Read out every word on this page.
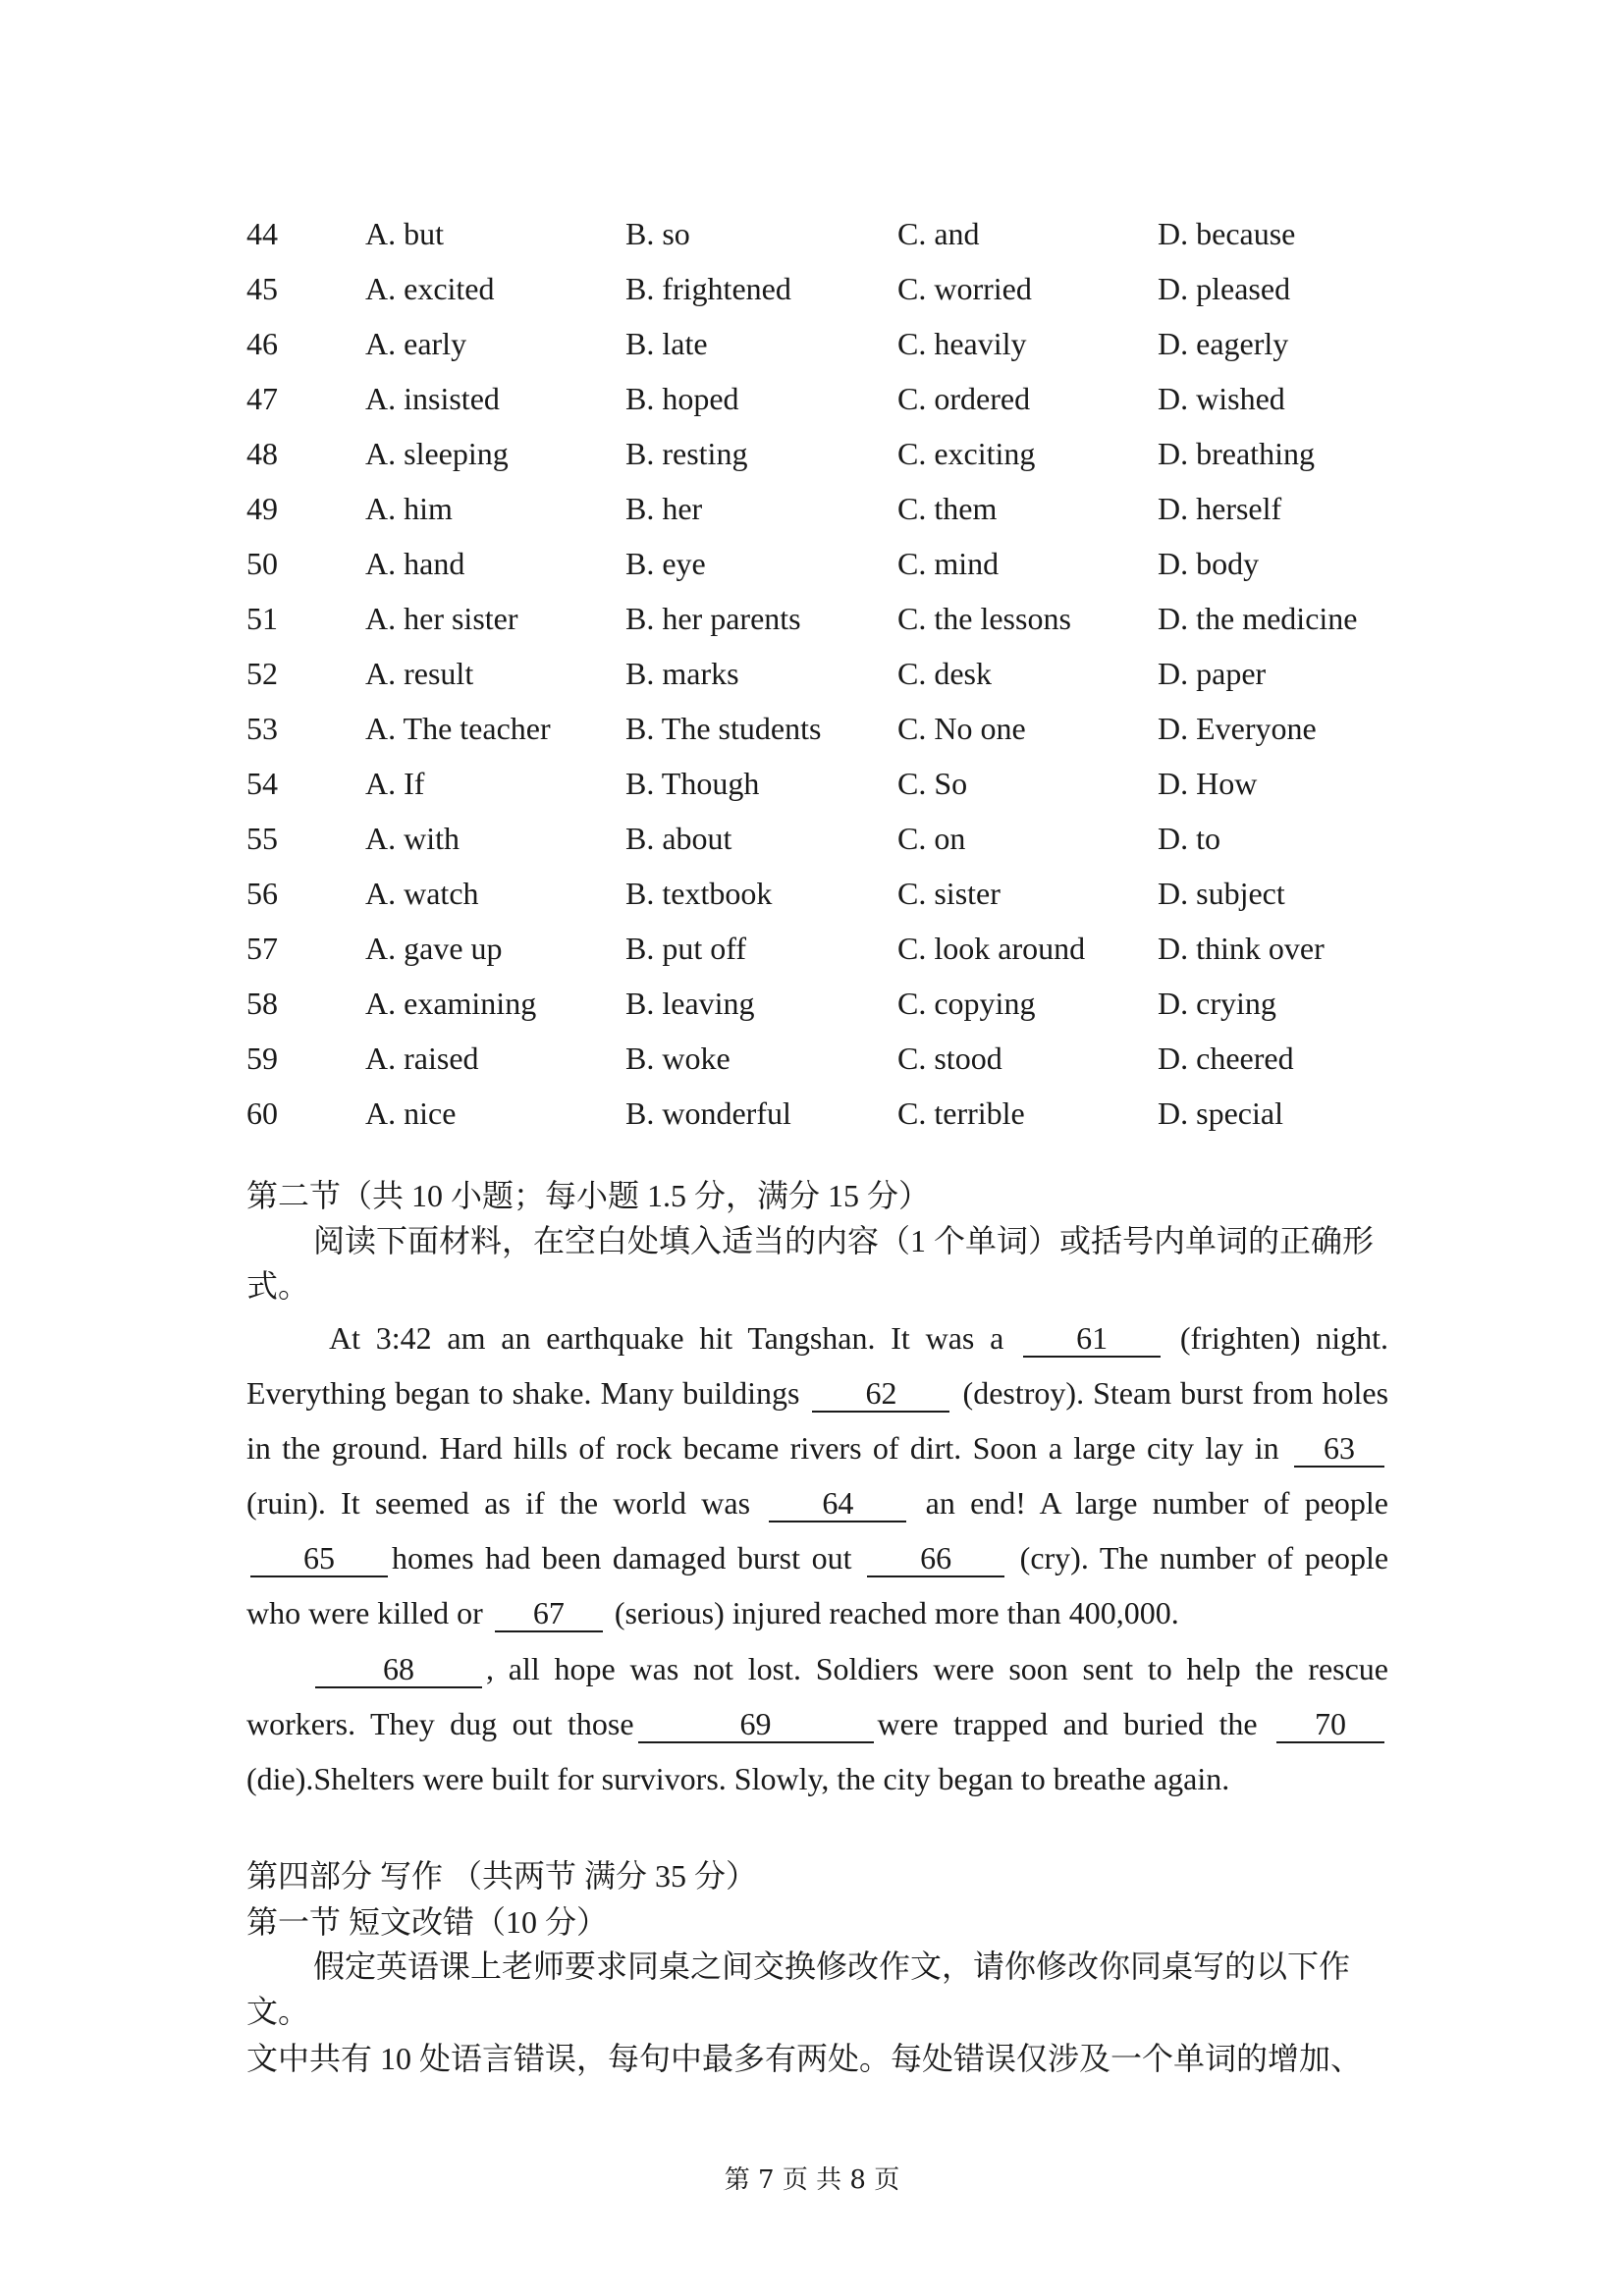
44	A. but	B. so	C. and	D. because
45	A. excited	B. frightened	C. worried	D. pleased
46	A. early	B. late	C. heavily	D. eagerly
47	A. insisted	B. hoped	C. ordered	D. wished
48	A. sleeping	B. resting	C. exciting	D. breathing
49	A. him	B. her	C. them	D. herself
50	A. hand	B. eye	C. mind	D. body
51	A. her sister	B. her parents	C. the lessons	D. the medicine
52	A. result	B. marks	C. desk	D. paper
53	A. The teacher B. The students C. No one	D. Everyone
54	A. If	B. Though	C. So	D. How
55	A. with	B. about	C. on	D. to
56	A. watch	B. textbook	C. sister	D. subject
57	A. gave up	B. put off	C. look around D. think over
58	A. examining	B. leaving	C. copying	D. crying
59	A. raised	B. woke	C. stood	D. cheered
60	A. nice	B. wonderful	C. terrible	D. special
第二节（共 10 小题；每小题 1.5 分，满分 15 分）
阅读下面材料，在空白处填入适当的内容（1 个单词）或括号内单词的正确形式。
At 3:42 am an earthquake hit Tangshan. It was a 61 (frighten) night. Everything began to shake. Many buildings 62 (destroy). Steam burst from holes in the ground. Hard hills of rock became rivers of dirt. Soon a large city lay in 63(ruin). It seemed as if the world was 64 an end! A large number of people65 homes had been damaged burst out 66 (cry). The number of people who were killed or 67 (serious) injured reached more than 400,000.
68 , all hope was not lost. Soldiers were soon sent to help the rescue workers. They dug out those	69	were trapped and buried the 70 (die).Shelters were built for survivors. Slowly, the city began to breathe again.
第四部分 写作 （共两节 满分 35 分）
第一节 短文改错（10 分）
假定英语课上老师要求同桌之间交换修改作文，请你修改你同桌写的以下作文。
文中共有 10 处语言错误，每句中最多有两处。每处错误仅涉及一个单词的增加、
第 7 页 共 8 页
